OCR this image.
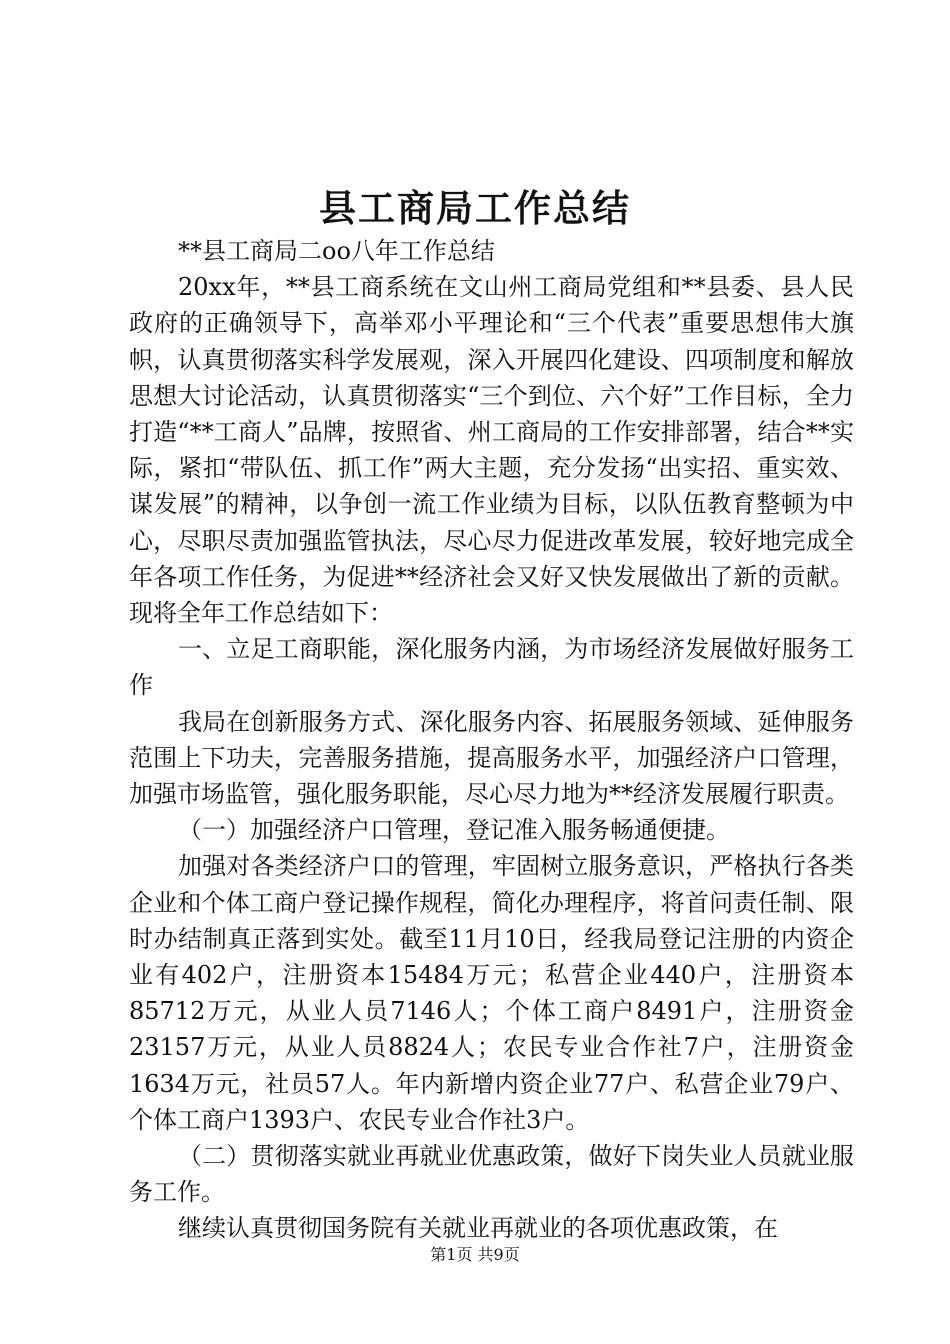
县工商局工作总结

**县工商局二oo八年工作总结

20xx年，**县工商系统在文山州工商局党组和**县委、县人民政府的正确领导下，高举邓小平理论和“三个代表”重要思想伟大旗帜，认真贯彻落实科学发展观，深入开展四化建设、四项制度和解放思想大讨论活动，认真贯彻落实“三个到位、六个好”工作目标，全力打造“**工商人”品牌，按照省、州工商局的工作安排部署，结合**实际，紧扣“带队伍、抓工作”两大主题，充分发扬“出实招、重实效、谋发展”的精神，以争创一流工作业绩为目标，以队伍教育整顿为中心，尽职尽责加强监管执法，尽心尽力促进改革发展，较好地完成全年各项工作任务，为促进**经济社会又好又快发展做出了新的贡献。现将全年工作总结如下：

一、立足工商职能，深化服务内涵，为市场经济发展做好服务工作

我局在创新服务方式、深化服务内容、拓展服务领域、延伸服务范围上下功夫，完善服务措施，提高服务水平，加强经济户口管理，加强市场监管，强化服务职能，尽心尽力地为**经济发展履行职责。

（一）加强经济户口管理，登记准入服务畅通便捷。

加强对各类经济户口的管理，牢固树立服务意识，严格执行各类企业和个体工商户登记操作规程，简化办理程序，将首问责任制、限时办结制真正落到实处。截至11月10日，经我局登记注册的内资企业有402户，注册资本15484万元；私营企业440户，注册资本85712万元，从业人员7146人；个体工商户8491户，注册资金23157万元，从业人员8824人；农民专业合作社7户，注册资金1634万元，社员57人。年内新增内资企业77户、私营企业79户、个体工商户1393户、农民专业合作社3户。

（二）贯彻落实就业再就业优惠政策，做好下岗失业人员就业服务工作。

继续认真贯彻国务院有关就业再就业的各项优惠政策，在

第1页 共9页
